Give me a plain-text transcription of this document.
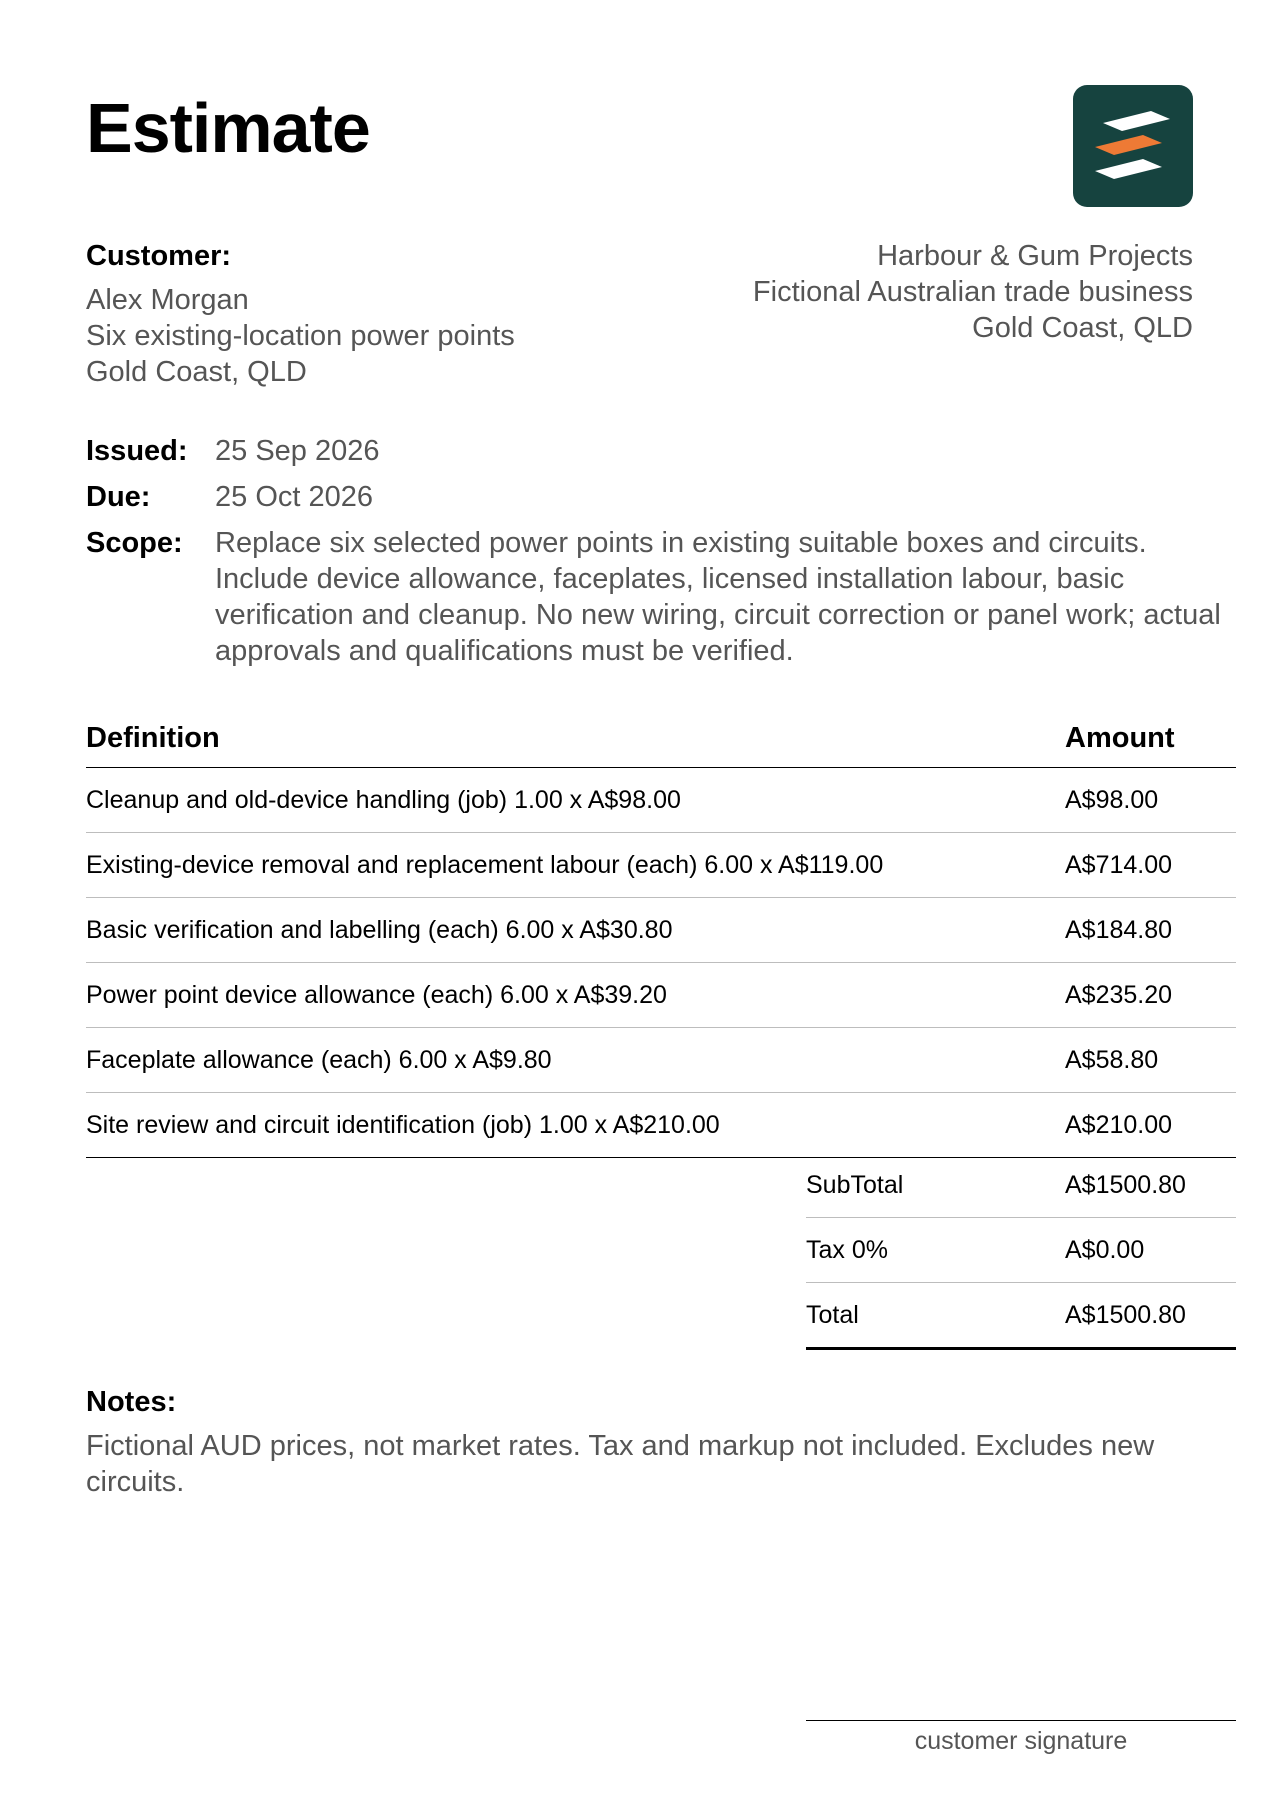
Estimate
Customer:
Alex Morgan
Six existing-location power points
Gold Coast, QLD
Harbour & Gum Projects
Fictional Australian trade business
Gold Coast, QLD
Issued: 25 Sep 2026
Due:	25 Oct 2026
Scope:	Replace six selected power points in existing suitable boxes and circuits. Include device allowance, faceplates, licensed installation labour, basic verification and cleanup. No new wiring, circuit correction or panel work; actual approvals and qualifications must be verified.
Definition	Amount
Cleanup and old-device handling (job) 1.00 x A$98.00	A$98.00
Existing-device removal and replacement labour (each) 6.00 x A$119.00	A$714.00
Basic verification and labelling (each) 6.00 x A$30.80	A$184.80
Power point device allowance (each) 6.00 x A$39.20	A$235.20
Faceplate allowance (each) 6.00 x A$9.80	A$58.80
Site review and circuit identification (job) 1.00 x A$210.00	A$210.00
SubTotal	A$1500.80
Tax 0%	A$0.00
Total	A$1500.80
Notes:
Fictional AUD prices, not market rates. Tax and markup not included. Excludes new circuits.
customer signature
